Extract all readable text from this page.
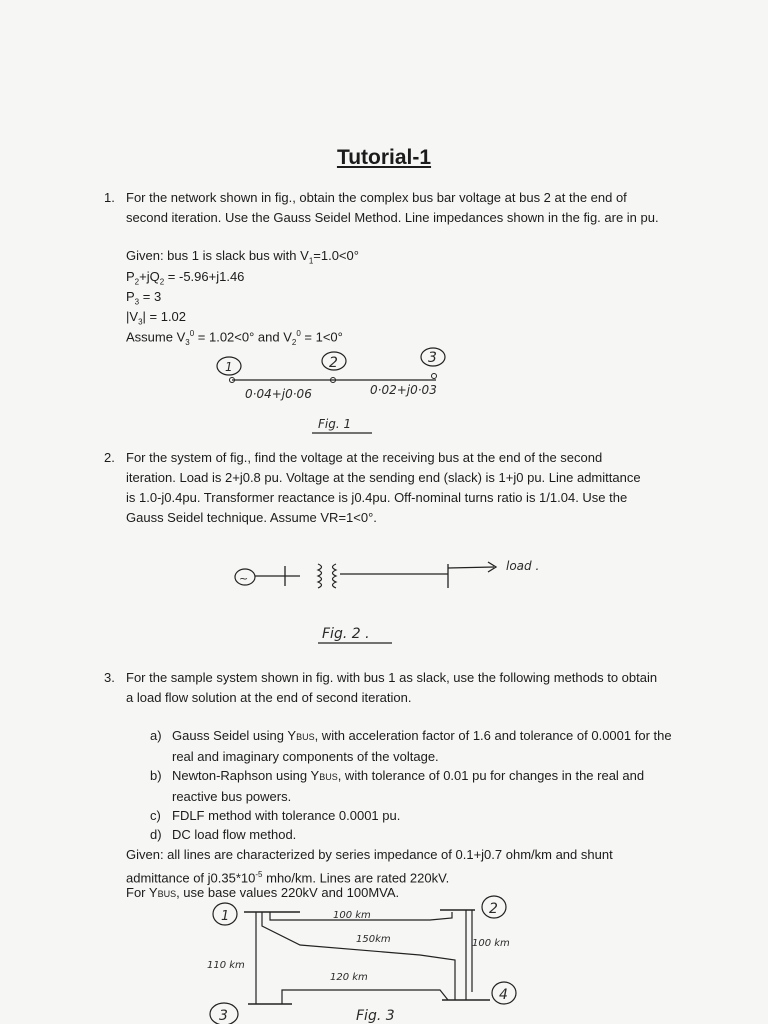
Tutorial-1
1. For the network shown in fig., obtain the complex bus bar voltage at bus 2 at the end of second iteration. Use the Gauss Seidel Method. Line impedances shown in the fig. are in pu.
Given: bus 1 is slack bus with $V_1=1.0<0^\circ$
$P_2+jQ_2 = -5.96+j1.46$
$P_3 = 3$
$|V_3| = 1.02$
Assume $V_3^0 = 1.02<0^\circ$ and $V_2^0 = 1<0^\circ$
1	2	3
0·04+j0·06	0·02+j0·03
Fig. 1
~
load .
Fig. 2 .
2. For the system of fig., find the voltage at the receiving bus at the end of the second iteration. Load is 2+j0.8 pu. Voltage at the sending end (slack) is 1+j0 pu. Line admittance is 1.0-j0.4pu. Transformer reactance is j0.4pu. Off-nominal turns ratio is 1/1.04. Use the Gauss Seidel technique. Assume VR=1<0°.
3. For the sample system shown in fig. with bus 1 as slack, use the following methods to obtain a load flow solution at the end of second iteration.
a) Gauss Seidel using YBUS, with acceleration factor of 1.6 and tolerance of 0.0001 for the real and imaginary components of the voltage.
b) Newton-Raphson using YBUS, with tolerance of 0.01 pu for changes in the real and reactive bus powers.
c) FDLF method with tolerance 0.0001 pu.
d) DC load flow method.
Given: all lines are characterized by series impedance of 0.1+j0.7 ohm/km and shunt admittance of $j0.35*10^{-5}$ mho/km. Lines are rated 220kV.
For YBUS, use base values 220kV and 100MVA.
1	2
3
4
100 km
150km	100 km
110 km
120 km
Fig. 3
